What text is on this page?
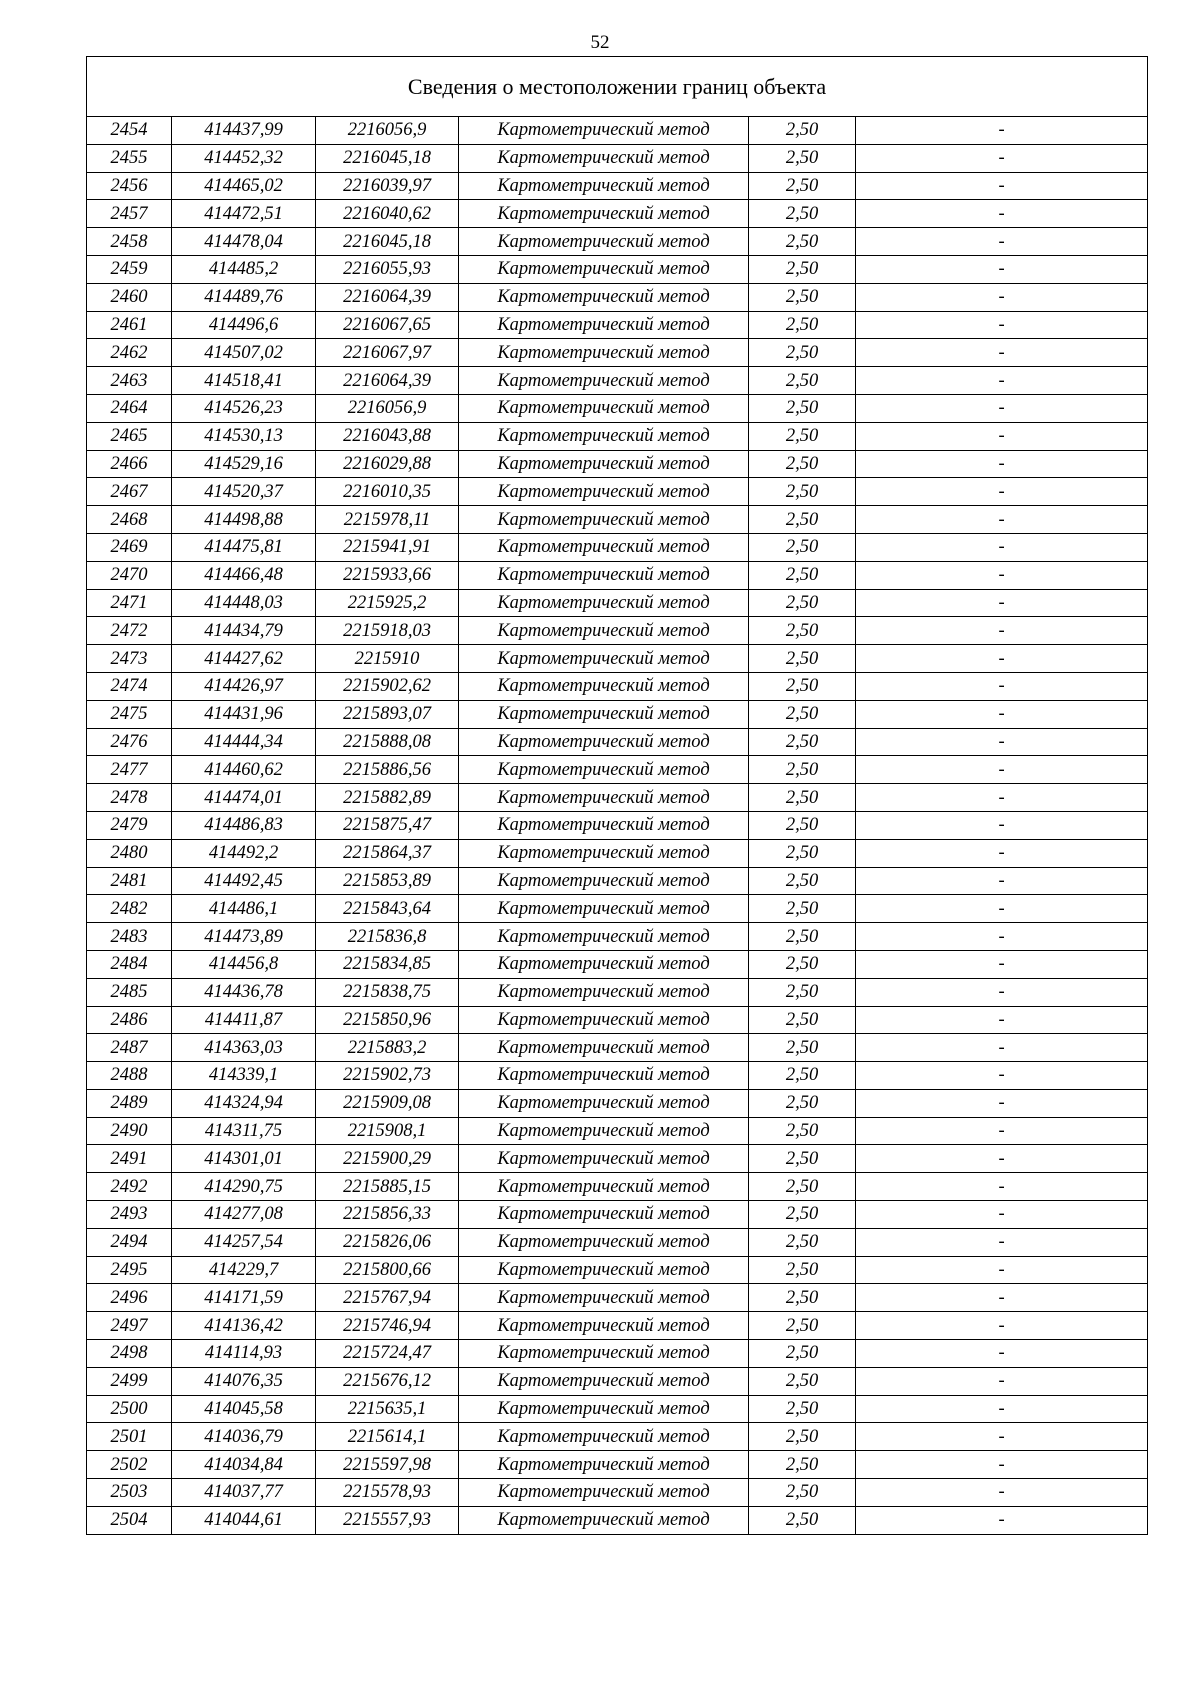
52
Сведения о местоположении границ объекта					
2454	414437,99	2216056,9	Картометрический метод	2,50	-
2455	414452,32	2216045,18	Картометрический метод	2,50	-
2456	414465,02	2216039,97	Картометрический метод	2,50	-
2457	414472,51	2216040,62	Картометрический метод	2,50	-
2458	414478,04	2216045,18	Картометрический метод	2,50	-
2459	414485,2	2216055,93	Картометрический метод	2,50	-
2460	414489,76	2216064,39	Картометрический метод	2,50	-
2461	414496,6	2216067,65	Картометрический метод	2,50	-
2462	414507,02	2216067,97	Картометрический метод	2,50	-
2463	414518,41	2216064,39	Картометрический метод	2,50	-
2464	414526,23	2216056,9	Картометрический метод	2,50	-
2465	414530,13	2216043,88	Картометрический метод	2,50	-
2466	414529,16	2216029,88	Картометрический метод	2,50	-
2467	414520,37	2216010,35	Картометрический метод	2,50	-
2468	414498,88	2215978,11	Картометрический метод	2,50	-
2469	414475,81	2215941,91	Картометрический метод	2,50	-
2470	414466,48	2215933,66	Картометрический метод	2,50	-
2471	414448,03	2215925,2	Картометрический метод	2,50	-
2472	414434,79	2215918,03	Картометрический метод	2,50	-
2473	414427,62	2215910	Картометрический метод	2,50	-
2474	414426,97	2215902,62	Картометрический метод	2,50	-
2475	414431,96	2215893,07	Картометрический метод	2,50	-
2476	414444,34	2215888,08	Картометрический метод	2,50	-
2477	414460,62	2215886,56	Картометрический метод	2,50	-
2478	414474,01	2215882,89	Картометрический метод	2,50	-
2479	414486,83	2215875,47	Картометрический метод	2,50	-
2480	414492,2	2215864,37	Картометрический метод	2,50	-
2481	414492,45	2215853,89	Картометрический метод	2,50	-
2482	414486,1	2215843,64	Картометрический метод	2,50	-
2483	414473,89	2215836,8	Картометрический метод	2,50	-
2484	414456,8	2215834,85	Картометрический метод	2,50	-
2485	414436,78	2215838,75	Картометрический метод	2,50	-
2486	414411,87	2215850,96	Картометрический метод	2,50	-
2487	414363,03	2215883,2	Картометрический метод	2,50	-
2488	414339,1	2215902,73	Картометрический метод	2,50	-
2489	414324,94	2215909,08	Картометрический метод	2,50	-
2490	414311,75	2215908,1	Картометрический метод	2,50	-
2491	414301,01	2215900,29	Картометрический метод	2,50	-
2492	414290,75	2215885,15	Картометрический метод	2,50	-
2493	414277,08	2215856,33	Картометрический метод	2,50	-
2494	414257,54	2215826,06	Картометрический метод	2,50	-
2495	414229,7	2215800,66	Картометрический метод	2,50	-
2496	414171,59	2215767,94	Картометрический метод	2,50	-
2497	414136,42	2215746,94	Картометрический метод	2,50	-
2498	414114,93	2215724,47	Картометрический метод	2,50	-
2499	414076,35	2215676,12	Картометрический метод	2,50	-
2500	414045,58	2215635,1	Картометрический метод	2,50	-
2501	414036,79	2215614,1	Картометрический метод	2,50	-
2502	414034,84	2215597,98	Картометрический метод	2,50	-
2503	414037,77	2215578,93	Картометрический метод	2,50	-
2504	414044,61	2215557,93	Картометрический метод	2,50	-
